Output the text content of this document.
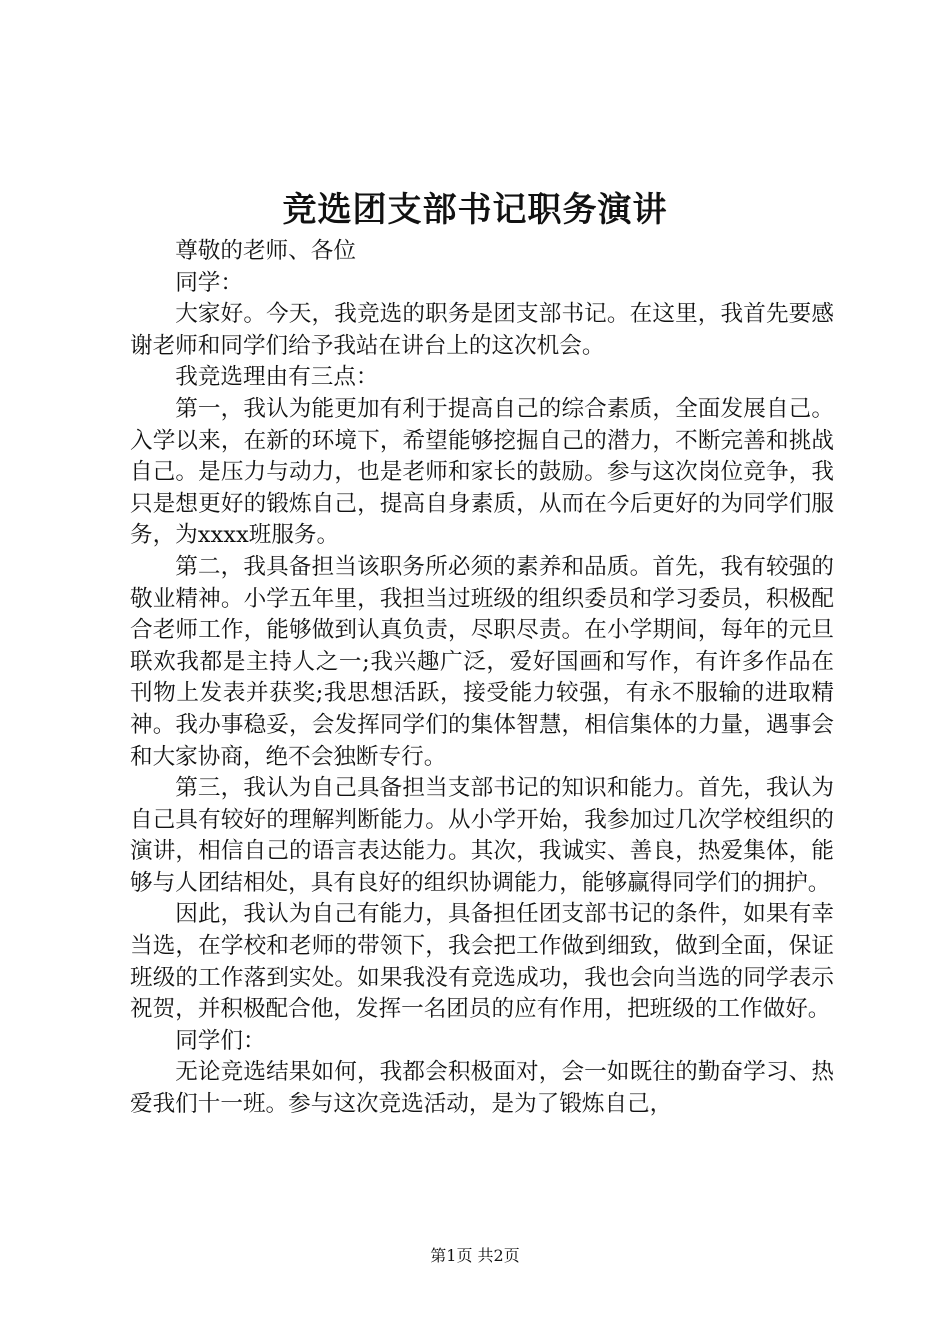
竞选团支部书记职务演讲

尊敬的老师、各位

同学：

大家好。今天，我竞选的职务是团支部书记。在这里，我首先要感谢老师和同学们给予我站在讲台上的这次机会。

我竞选理由有三点：

第一，我认为能更加有利于提高自己的综合素质，全面发展自己。入学以来，在新的环境下，希望能够挖掘自己的潜力，不断完善和挑战自己。是压力与动力，也是老师和家长的鼓励。参与这次岗位竞争，我只是想更好的锻炼自己，提高自身素质，从而在今后更好的为同学们服务，为xxxx班服务。

第二，我具备担当该职务所必须的素养和品质。首先，我有较强的敬业精神。小学五年里，我担当过班级的组织委员和学习委员，积极配合老师工作，能够做到认真负责，尽职尽责。在小学期间，每年的元旦联欢我都是主持人之一;我兴趣广泛，爱好国画和写作，有许多作品在刊物上发表并获奖;我思想活跃，接受能力较强，有永不服输的进取精神。我办事稳妥，会发挥同学们的集体智慧，相信集体的力量，遇事会和大家协商，绝不会独断专行。

第三，我认为自己具备担当支部书记的知识和能力。首先，我认为自己具有较好的理解判断能力。从小学开始，我参加过几次学校组织的演讲，相信自己的语言表达能力。其次，我诚实、善良，热爱集体，能够与人团结相处，具有良好的组织协调能力，能够赢得同学们的拥护。

因此，我认为自己有能力，具备担任团支部书记的条件，如果有幸当选，在学校和老师的带领下，我会把工作做到细致，做到全面，保证班级的工作落到实处。如果我没有竞选成功，我也会向当选的同学表示祝贺，并积极配合他，发挥一名团员的应有作用，把班级的工作做好。

同学们：

无论竞选结果如何，我都会积极面对，会一如既往的勤奋学习、热爱我们十一班。参与这次竞选活动，是为了锻炼自己，

第1页 共2页
